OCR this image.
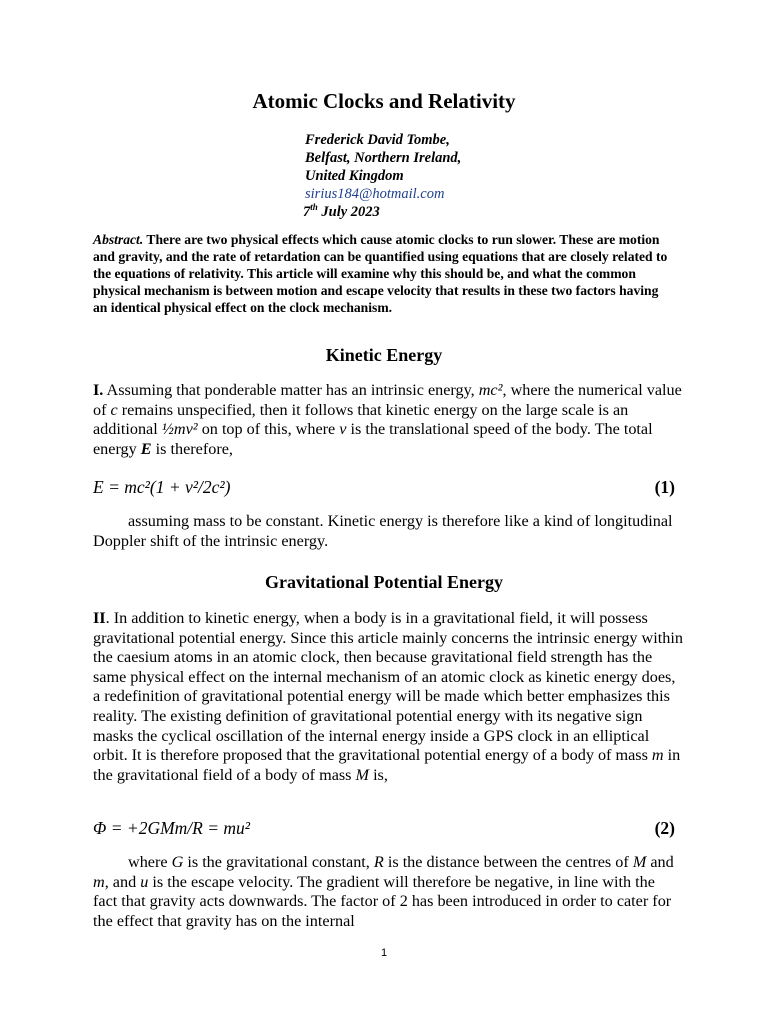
Atomic Clocks and Relativity
Frederick David Tombe,
Belfast, Northern Ireland,
United Kingdom
sirius184@hotmail.com
7th July 2023
Abstract. There are two physical effects which cause atomic clocks to run slower. These are motion and gravity, and the rate of retardation can be quantified using equations that are closely related to the equations of relativity. This article will examine why this should be, and what the common physical mechanism is between motion and escape velocity that results in these two factors having an identical physical effect on the clock mechanism.
Kinetic Energy
I. Assuming that ponderable matter has an intrinsic energy, mc², where the numerical value of c remains unspecified, then it follows that kinetic energy on the large scale is an additional ½mv² on top of this, where v is the translational speed of the body. The total energy E is therefore,
E = mc²(1 + v²/2c²)	(1)
assuming mass to be constant. Kinetic energy is therefore like a kind of longitudinal Doppler shift of the intrinsic energy.
Gravitational Potential Energy
II. In addition to kinetic energy, when a body is in a gravitational field, it will possess gravitational potential energy. Since this article mainly concerns the intrinsic energy within the caesium atoms in an atomic clock, then because gravitational field strength has the same physical effect on the internal mechanism of an atomic clock as kinetic energy does, a redefinition of gravitational potential energy will be made which better emphasizes this reality. The existing definition of gravitational potential energy with its negative sign masks the cyclical oscillation of the internal energy inside a GPS clock in an elliptical orbit. It is therefore proposed that the gravitational potential energy of a body of mass m in the gravitational field of a body of mass M is,
Φ = +2GMm/R = mu²	(2)
where G is the gravitational constant, R is the distance between the centres of M and m, and u is the escape velocity. The gradient will therefore be negative, in line with the fact that gravity acts downwards. The factor of 2 has been introduced in order to cater for the effect that gravity has on the internal
1
